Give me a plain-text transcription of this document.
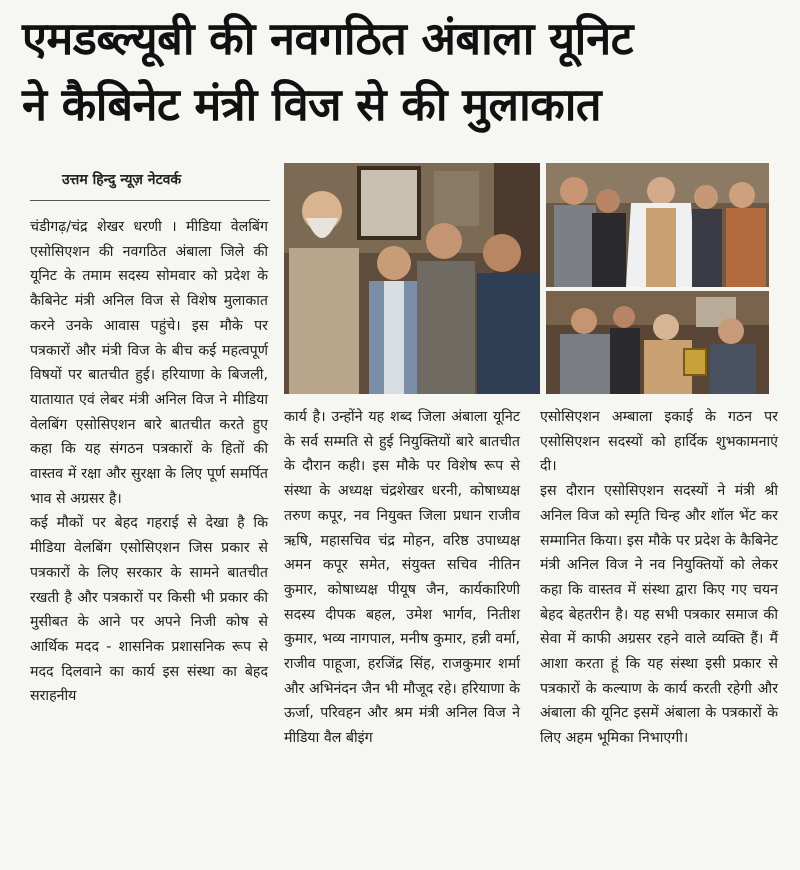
एमडब्ल्यूबी की नवगठित अंबाला यूनिट
ने कैबिनेट मंत्री विज से की मुलाकात
उत्तम हिन्दु न्यूज़ नेटवर्क

चंडीगढ़/चंद्र शेखर धरणी । मीडिया वेलबिंग एसोसिएशन की नवगठित अंबाला जिले की यूनिट के तमाम सदस्य सोमवार को प्रदेश के कैबिनेट मंत्री अनिल विज से विशेष मुलाकात करने उनके आवास पहुंचे। इस मौके पर पत्रकारों और मंत्री विज के बीच कई महत्वपूर्ण विषयों पर बातचीत हुई। हरियाणा के बिजली, यातायात एवं लेबर मंत्री अनिल विज ने मीडिया वेलबिंग एसोसिएशन बारे बातचीत करते हुए कहा कि यह संगठन पत्रकारों के हितों की वास्तव में रक्षा और सुरक्षा के लिए पूर्ण समर्पित भाव से अग्रसर है।

कई मौकों पर बेहद गहराई से देखा है कि मीडिया वेलबिंग एसोसिएशन जिस प्रकार से पत्रकारों के लिए सरकार के सामने बातचीत रखती है और पत्रकारों पर किसी भी प्रकार की मुसीबत के आने पर अपने निजी कोष से आर्थिक मदद - शासनिक प्रशासनिक रूप से मदद दिलवाने का कार्य इस संस्था का बेहद सराहनीय

कार्य है। उन्होंने यह शब्द जिला अंबाला यूनिट के सर्व सम्मति से हुई नियुक्तियों बारे बातचीत के दौरान कही। इस मौके पर विशेष रूप से संस्था के अध्यक्ष चंद्रशेखर धरनी, कोषाध्यक्ष तरुण कपूर, नव नियुक्त जिला प्रधान राजीव ऋषि, महासचिव चंद्र मोहन, वरिष्ठ उपाध्यक्ष अमन कपूर समेत, संयुक्त सचिव नीतिन कुमार, कोषाध्यक्ष पीयूष जैन, कार्यकारिणी सदस्य दीपक बहल, उमेश भार्गव, नितीश कुमार, भव्य नागपाल, मनीष कुमार, हन्नी वर्मा, राजीव पाहूजा, हरजिंद्र सिंह, राजकुमार शर्मा और अभिनंदन जैन भी मौजूद रहे। हरियाणा के ऊर्जा, परिवहन और श्रम मंत्री अनिल विज ने मीडिया वैल बीइंग

एसोसिएशन अम्बाला इकाई के गठन पर एसोसिएशन सदस्यों को हार्दिक शुभकामनाएं दी।

इस दौरान एसोसिएशन सदस्यों ने मंत्री श्री अनिल विज को स्मृति चिन्ह और शॉल भेंट कर सम्मानित किया। इस मौके पर प्रदेश के कैबिनेट मंत्री अनिल विज ने नव नियुक्तियों को लेकर कहा कि वास्तव में संस्था द्वारा किए गए चयन बेहद बेहतरीन है। यह सभी पत्रकार समाज की सेवा में काफी अग्रसर रहने वाले व्यक्ति हैं। मैं आशा करता हूं कि यह संस्था इसी प्रकार से पत्रकारों के कल्याण के कार्य करती रहेगी और अंबाला की यूनिट इसमें अंबाला के पत्रकारों के लिए अहम भूमिका निभाएगी।
